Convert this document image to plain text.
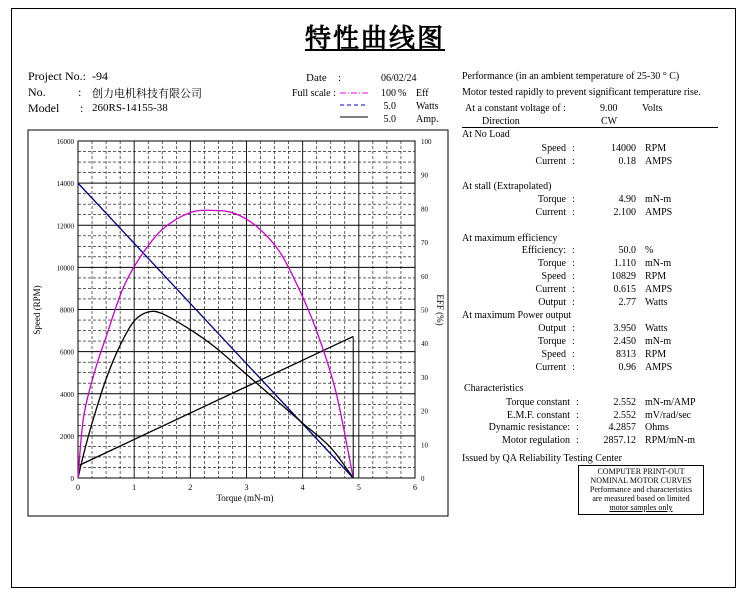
特性曲线图
Project No.: -94
No.	: 创力电机科技有限公司
Model : 260RS-14155-38
Date :	06/02/24
Full scale :	100 % Eff
5.0 Watts
5.0 Amp.
0	1	2	3	4	5	6
0
2000
4000
6000
8000
10000
12000
14000
16000
0
10
20
30
40
50
60
70
80
90
100
Torque (mN-m)
Speed (RPM)	EFF (%)
Performance (in an ambient temperature of 25-30 ° C)
Motor tested rapidly to prevent significant temperature rise.
At a constant voltage of :	9.00 Volts
Direction	CW
At No Load
Speed :	14000 RPM
Current :	0.18 AMPS
At stall (Extrapolated)
Torque :	4.90 mN-m
Current :	2.100 AMPS
At maximum efficiency
Efficiency: :	50.0 %
Torque :	1.110 mN-m
Speed :	10829 RPM
Current :	0.615 AMPS
Output :	2.77 Watts
At maximum Power output
Output :	3.950 Watts
Torque :	2.450 mN-m
Speed :	8313 RPM
Current :	0.96 AMPS
Characteristics
Torque constant :	2.552 mN-m/AMP
E.M.F. constant :	2.552 mV/rad/sec
Dynamic resistance: :	4.2857 Ohms
Motor regulation :	2857.12 RPM/mN-m
Issued by QA Reliability Testing Center
COMPUTER PRINT-OUT
NOMINAL MOTOR CURVES
Performance and characteristics
are measured based on limited
motor samples only
